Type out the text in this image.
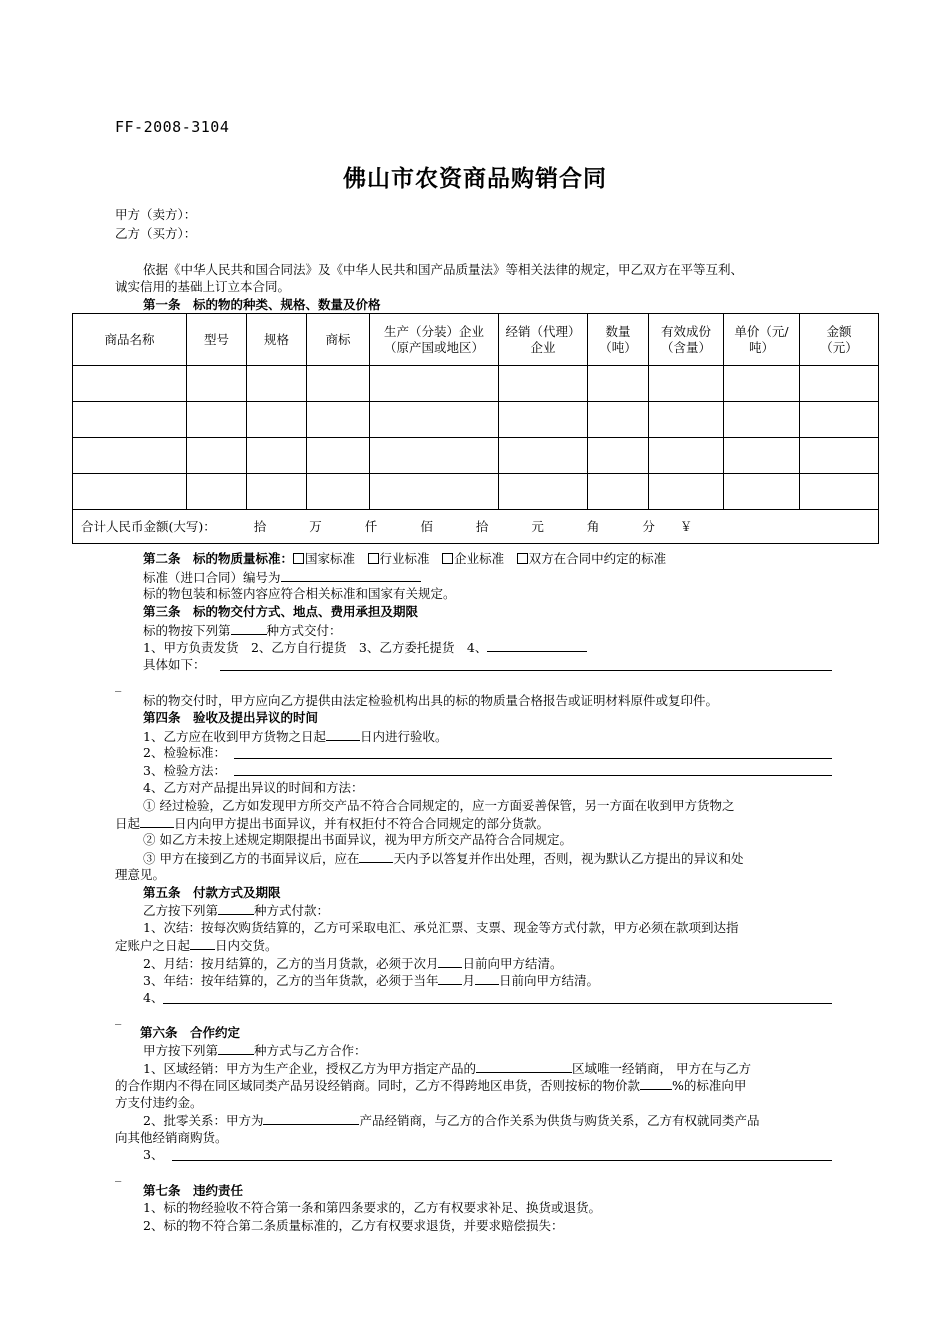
FF-2008-3104
佛山市农资商品购销合同
甲方（卖方）：
乙方（买方）：
依据《中华人民共和国合同法》及《中华人民共和国产品质量法》等相关法律的规定，甲乙双方在平等互利、
诚实信用的基础上订立本合同。
第一条　标的物的种类、规格、数量及价格
商品名称	型号	规格	商标	生产（分装）企业（原产国或地区）	经销（代理）企业	数量（吨）	有效成份（含量）	单价（元/吨）	金额（元）

合计人民币金额(大写)： 拾 万 仟 佰 拾 元 角 分 ￥									
第二条　标的物质量标准： 国家标准　 行业标准　 企业标准　 双方在合同中约定的标准
标准（进口合同）编号为
标的物包装和标签内容应符合相关标准和国家有关规定。
第三条　标的物交付方式、地点、费用承担及期限
标的物按下列第	种方式交付：
1、甲方负责发货　2、乙方自行提货　3、乙方委托提货　4、
具体如下：
_
标的物交付时，甲方应向乙方提供由法定检验机构出具的标的物质量合格报告或证明材料原件或复印件。
第四条　验收及提出异议的时间
1、乙方应在收到甲方货物之日起	日内进行验收。
2、检验标准：
3、检验方法：
4、乙方对产品提出异议的时间和方法：
① 经过检验，乙方如发现甲方所交产品不符合合同规定的，应一方面妥善保管，另一方面在收到甲方货物之
日起	日内向甲方提出书面异议，并有权拒付不符合合同规定的部分货款。
② 如乙方未按上述规定期限提出书面异议，视为甲方所交产品符合合同规定。
③ 甲方在接到乙方的书面异议后，应在	天内予以答复并作出处理，否则，视为默认乙方提出的异议和处
理意见。
第五条　付款方式及期限
乙方按下列第	种方式付款：
1、次结：按每次购货结算的，乙方可采取电汇、承兑汇票、支票、现金等方式付款，甲方必须在款项到达指
定账户之日起 日内交货。
2、月结：按月结算的，乙方的当月货款，必须于次月 日前向甲方结清。
3、年结：按年结算的，乙方的当年货款，必须于当年 月 日前向甲方结清。
4、
_
第六条　合作约定
甲方按下列第	种方式与乙方合作：
1、区域经销：甲方为生产企业，授权乙方为甲方指定产品的	区域唯一经销商， 甲方在与乙方
的合作期内不得在同区域同类产品另设经销商。同时，乙方不得跨地区串货，否则按标的物价款	%的标准向甲
方支付违约金。
2、批零关系：甲方为	产品经销商，与乙方的合作关系为供货与购货关系，乙方有权就同类产品
向其他经销商购货。
3、
_
第七条　违约责任
1、标的物经验收不符合第一条和第四条要求的，乙方有权要求补足、换货或退货。
2、标的物不符合第二条质量标准的，乙方有权要求退货，并要求赔偿损失：
